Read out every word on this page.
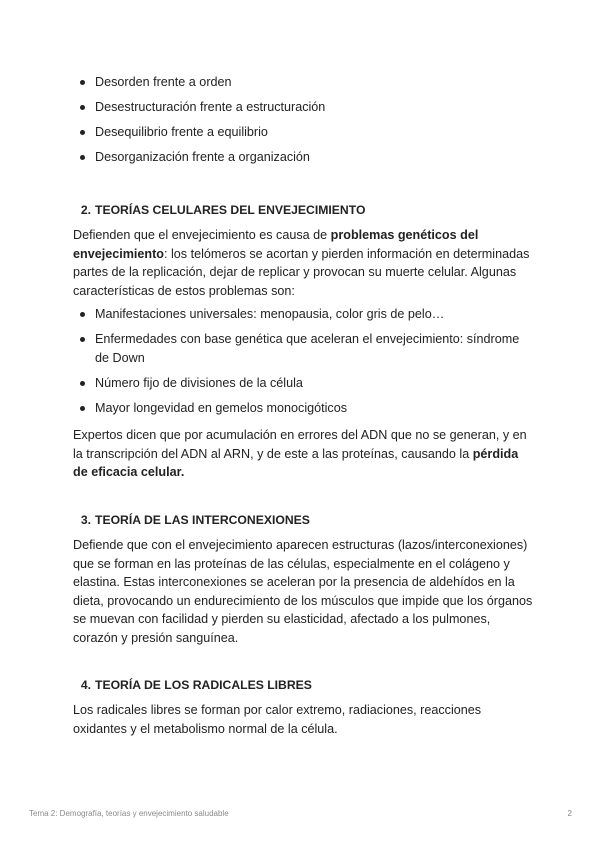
Desorden frente a orden
Desestructuración frente a estructuración
Desequilibrio frente a equilibrio
Desorganización frente a organización
2. TEORÍAS CELULARES DEL ENVEJECIMIENTO

Defienden que el envejecimiento es causa de problemas genéticos del envejecimiento: los telómeros se acortan y pierden información en determinadas partes de la replicación, dejar de replicar y provocan su muerte celular. Algunas características de estos problemas son:

Manifestaciones universales: menopausia, color gris de pelo…
Enfermedades con base genética que aceleran el envejecimiento: síndrome de Down
Número fijo de divisiones de la célula
Mayor longevidad en gemelos monocigóticos

Expertos dicen que por acumulación en errores del ADN que no se generan, y en la transcripción del ADN al ARN, y de este a las proteínas, causando la pérdida de eficacia celular.

3. TEORÍA DE LAS INTERCONEXIONES

Defiende que con el envejecimiento aparecen estructuras (lazos/interconexiones) que se forman en las proteínas de las células, especialmente en el colágeno y elastina. Estas interconexiones se aceleran por la presencia de aldehídos en la dieta, provocando un endurecimiento de los músculos que impide que los órganos se muevan con facilidad y pierden su elasticidad, afectado a los pulmones, corazón y presión sanguínea.

4. TEORÍA DE LOS RADICALES LIBRES

Los radicales libres se forman por calor extremo, radiaciones, reacciones oxidantes y el metabolismo normal de la célula.

Tema 2: Demografía, teorías y envejecimiento saludable	2
